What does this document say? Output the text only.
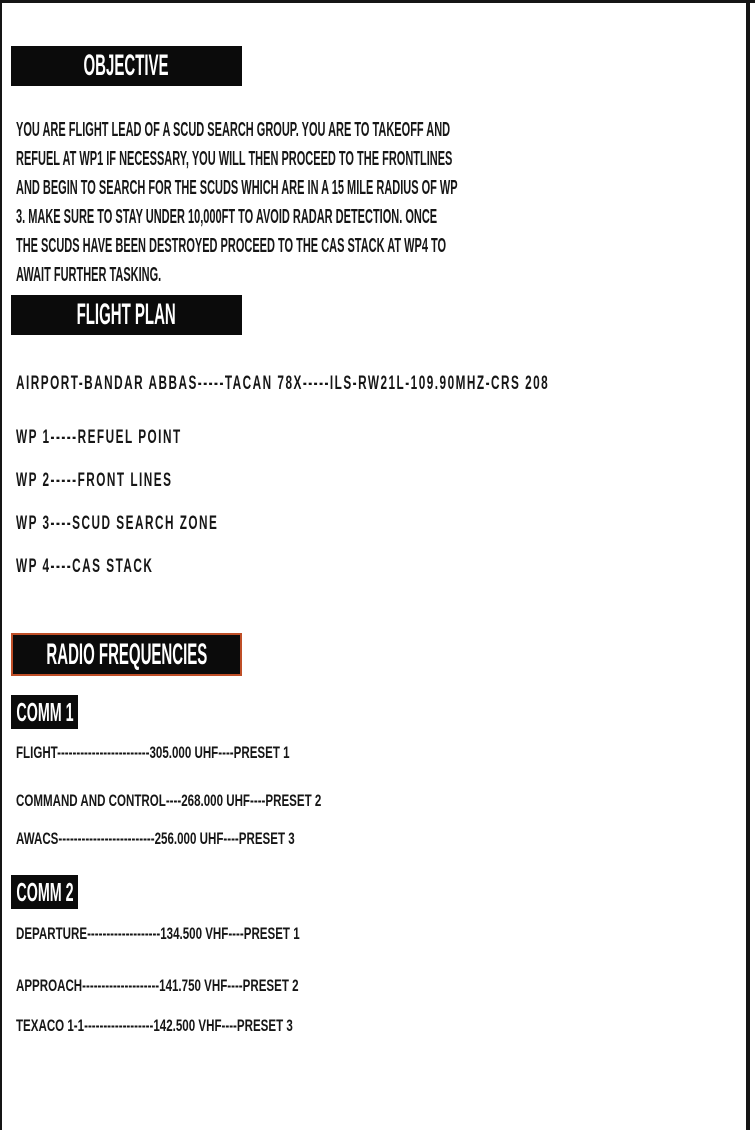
OBJECTIVE
YOU ARE FLIGHT LEAD OF A SCUD SEARCH GROUP. YOU ARE TO TAKEOFF AND
REFUEL AT WP1 IF NECESSARY, YOU WILL THEN PROCEED TO THE FRONTLINES
AND BEGIN TO SEARCH FOR THE SCUDS WHICH ARE IN A 15 MILE RADIUS OF WP
3. MAKE SURE TO STAY UNDER 10,000FT TO AVOID RADAR DETECTION. ONCE
THE SCUDS HAVE BEEN DESTROYED PROCEED TO THE CAS STACK AT WP4 TO
AWAIT FURTHER TASKING.
FLIGHT PLAN
AIRPORT-BANDAR ABBAS-----TACAN 78X-----ILS-RW21L-109.90MHZ-CRS 208
WP 1-----REFUEL POINT
WP 2-----FRONT LINES
WP 3----SCUD SEARCH ZONE
WP 4----CAS STACK
RADIO FREQUENCIES
COMM 1
FLIGHT------------------------305.000 UHF----PRESET 1
COMMAND AND CONTROL----268.000 UHF----PRESET 2
AWACS-------------------------256.000 UHF----PRESET 3
COMM 2
DEPARTURE-------------------134.500 VHF----PRESET 1
APPROACH--------------------141.750 VHF----PRESET 2
TEXACO 1-1------------------142.500 VHF----PRESET 3
